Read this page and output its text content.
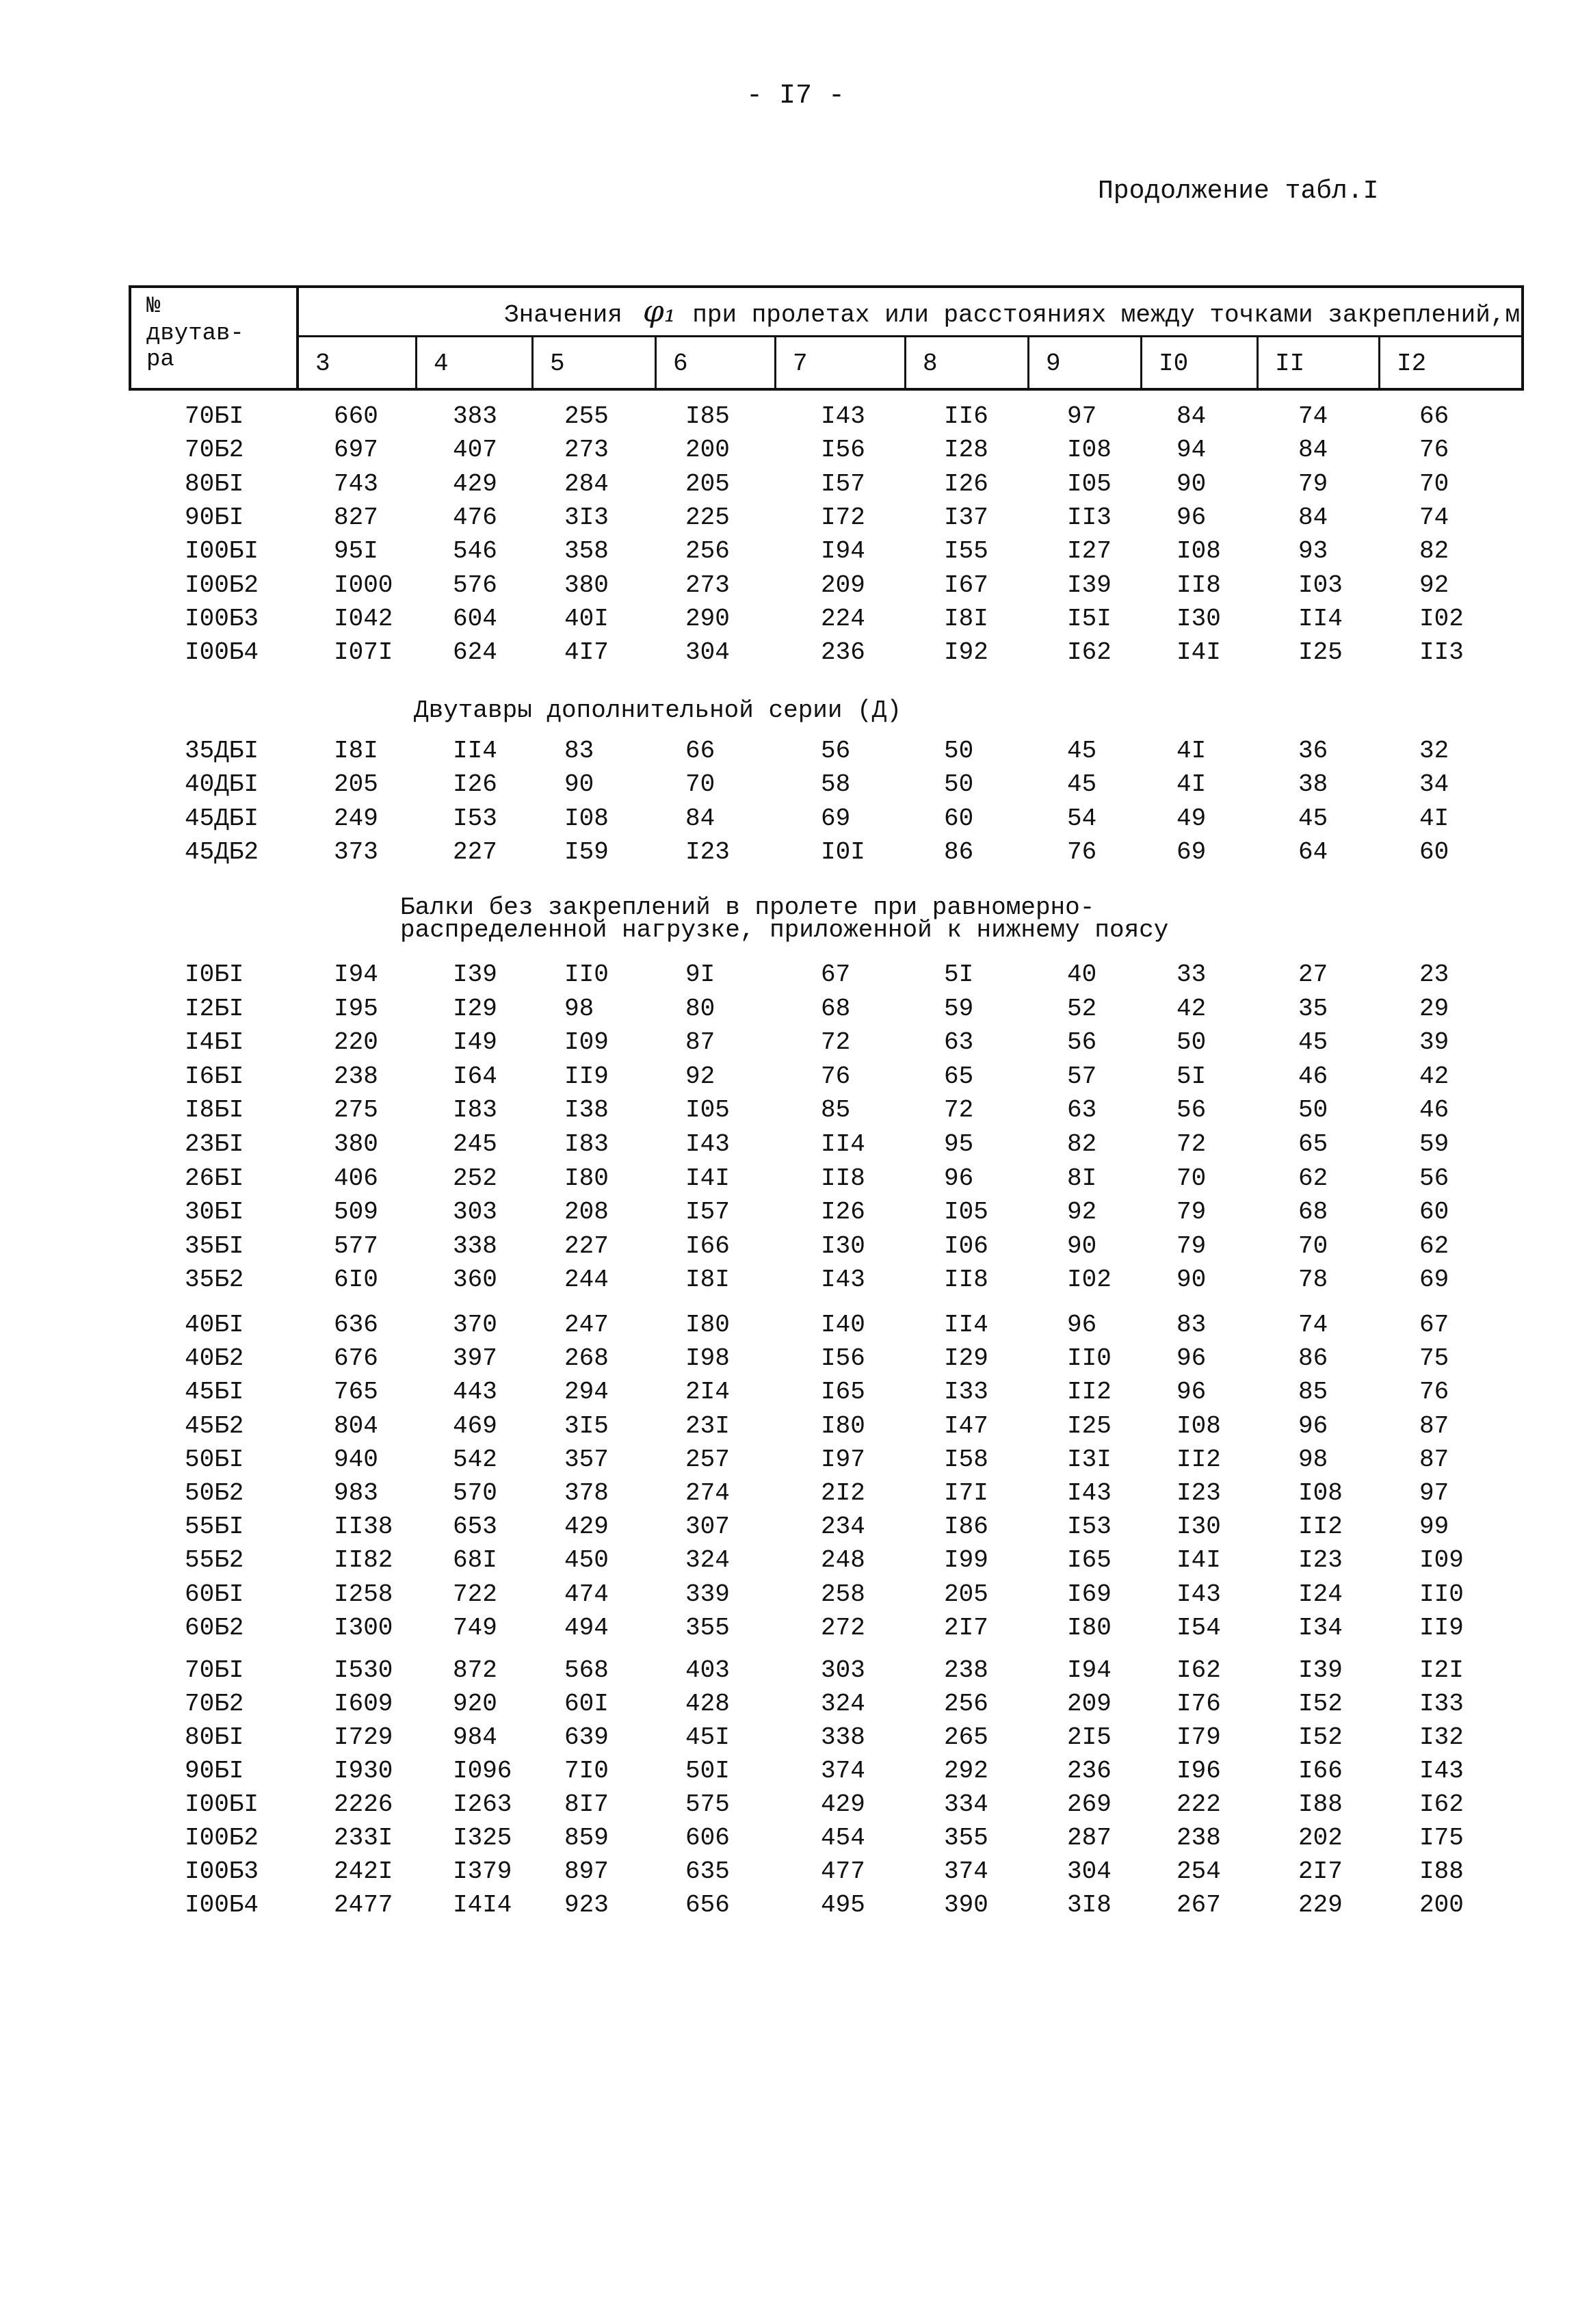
- I7 -
Продолжение табл.I
№
двутав-
ра
Значения φ₁ при пролетах или расстояниях между точками закреплений,м
3	4	5	6	7	8	9	I0	II	I2
Двутавры дополнительной серии (Д)
Балки без закреплений в пролете при равномерно-
распределенной нагрузке, приложенной к нижнему поясу
70БI	660	383	255	I85	I43	II6	97	84	74	66
70Б2	697	407	273	200	I56	I28	I08	94	84	76
80БI	743	429	284	205	I57	I26	I05	90	79	70
90БI	827	476	3I3	225	I72	I37	II3	96	84	74
I00БI	95I	546	358	256	I94	I55	I27	I08	93	82
I00Б2	I000 576	380	273	209	I67	I39	II8	I03	92
I00Б3	I042 604	40I	290	224	I8I	I5I	I30	II4	I02
I00Б4	I07I 624	4I7	304	236	I92	I62	I4I	I25	II3
35ДБI	I8I	II4	83	66	56	50	45	4I	36	32
40ДБI	205	I26	90	70	58	50	45	4I	38	34
45ДБI	249	I53	I08	84	69	60	54	49	45	4I
45ДБ2	373	227	I59	I23	I0I	86	76	69	64	60
I0БI	I94	I39	II0	9I	67	5I	40	33	27	23
I2БI	I95	I29	98	80	68	59	52	42	35	29
I4БI	220	I49	I09	87	72	63	56	50	45	39
I6БI	238	I64	II9	92	76	65	57	5I	46	42
I8БI	275	I83	I38	I05	85	72	63	56	50	46
23БI	380	245	I83	I43	II4	95	82	72	65	59
26БI	406	252	I80	I4I	II8	96	8I	70	62	56
30БI	509	303	208	I57	I26	I05	92	79	68	60
35БI	577	338	227	I66	I30	I06	90	79	70	62
35Б2	6I0	360	244	I8I	I43	II8	I02	90	78	69
40БI	636	370	247	I80	I40	II4	96	83	74	67
40Б2	676	397	268	I98	I56	I29	II0	96	86	75
45БI	765	443	294	2I4	I65	I33	II2	96	85	76
45Б2	804	469	3I5	23I	I80	I47	I25	I08	96	87
50БI	940	542	357	257	I97	I58	I3I	II2	98	87
50Б2	983	570	378	274	2I2	I7I	I43	I23	I08	97
55БI	II38 653	429	307	234	I86	I53	I30	II2	99
55Б2	II82 68I	450	324	248	I99	I65	I4I	I23	I09
60БI	I258 722	474	339	258	205	I69	I43	I24	II0
60Б2	I300 749	494	355	272	2I7	I80	I54	I34	II9
70БI	I530 872	568	403	303	238	I94	I62	I39	I2I
70Б2	I609 920	60I	428	324	256	209	I76	I52	I33
80БI	I729 984	639	45I	338	265	2I5	I79	I52	I32
90БI	I930 I096 7I0	50I	374	292	236	I96	I66	I43
I00БI	2226 I263 8I7	575	429	334	269	222	I88	I62
I00Б2	233I I325 859	606	454	355	287	238	202	I75
I00Б3	242I I379 897	635	477	374	304	254	2I7	I88
I00Б4	2477 I4I4 923	656	495	390	3I8	267	229	200
